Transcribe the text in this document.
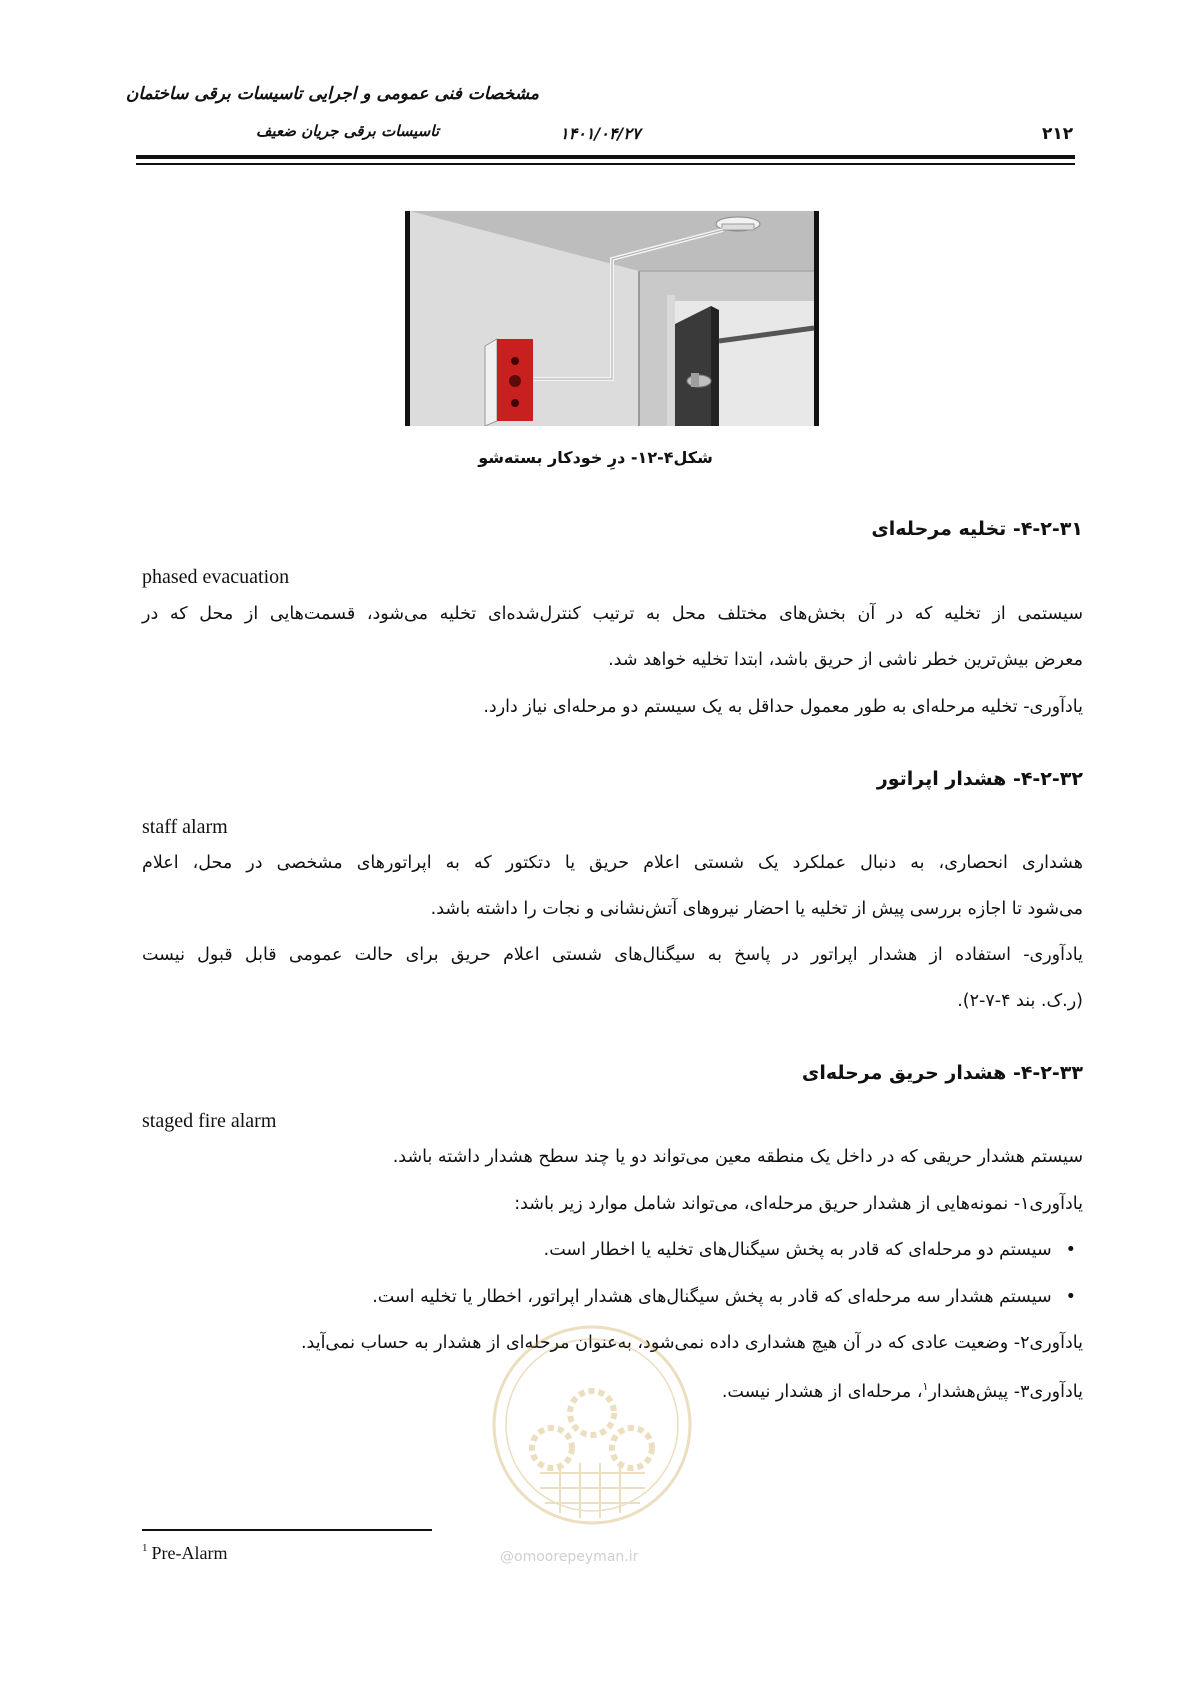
مشخصات فنی عمومی و اجرایی تاسیسات برقی ساختمان
تاسیسات برقی جریان ضعیف	۱۴۰۱/۰۴/۲۷	۲۱۲
شکل۴-۱۲- درِ خودکار بسته‌شو
۴-۲-۳۱- تخلیه مرحله‌ای
phased evacuation
سیستمی از تخلیه که در آن بخش‌های مختلف محل به ترتیب کنترل‌شده‌ای تخلیه می‌شود، قسمت‌هایی از محل که در
معرض بیش‌ترین خطر ناشی از حریق باشد، ابتدا تخلیه خواهد شد.
یادآوری- تخلیه مرحله‌ای به طور معمول حداقل به یک سیستم دو مرحله‌ای نیاز دارد.
۴-۲-۳۲- هشدار اپراتور
staff alarm
هشداری انحصاری، به دنبال عملکرد یک شستی اعلام حریق یا دتکتور که به اپراتورهای مشخصی در محل، اعلام
می‌شود تا اجازه بررسی پیش از تخلیه یا احضار نیروهای آتش‌نشانی و نجات را داشته باشد.
یادآوری- استفاده از هشدار اپراتور در پاسخ به سیگنال‌های شستی اعلام حریق برای حالت عمومی قابل قبول نیست
(ر.ک. بند ۴-۷-۲).
۴-۲-۳۳- هشدار حریق مرحله‌ای
staged fire alarm
سیستم هشدار حریقی که در داخل یک منطقه معین می‌تواند دو یا چند سطح هشدار داشته باشد.
یادآوری۱- نمونه‌هایی از هشدار حریق مرحله‌ای، می‌تواند شامل موارد زیر باشد:
• سیستم دو مرحله‌ای که قادر به پخش سیگنال‌های تخلیه یا اخطار است.
• سیستم هشدار سه مرحله‌ای که قادر به پخش سیگنال‌های هشدار اپراتور، اخطار یا تخلیه است.
یادآوری۲- وضعیت عادی که در آن هیچ هشداری داده نمی‌شود، به‌عنوان مرحله‌ای از هشدار به حساب نمی‌آید.
یادآوری۳- پیش‌هشدار$^۱$، مرحله‌ای از هشدار نیست.
$^1$ Pre-Alarm	@omoorepeyman.ir
